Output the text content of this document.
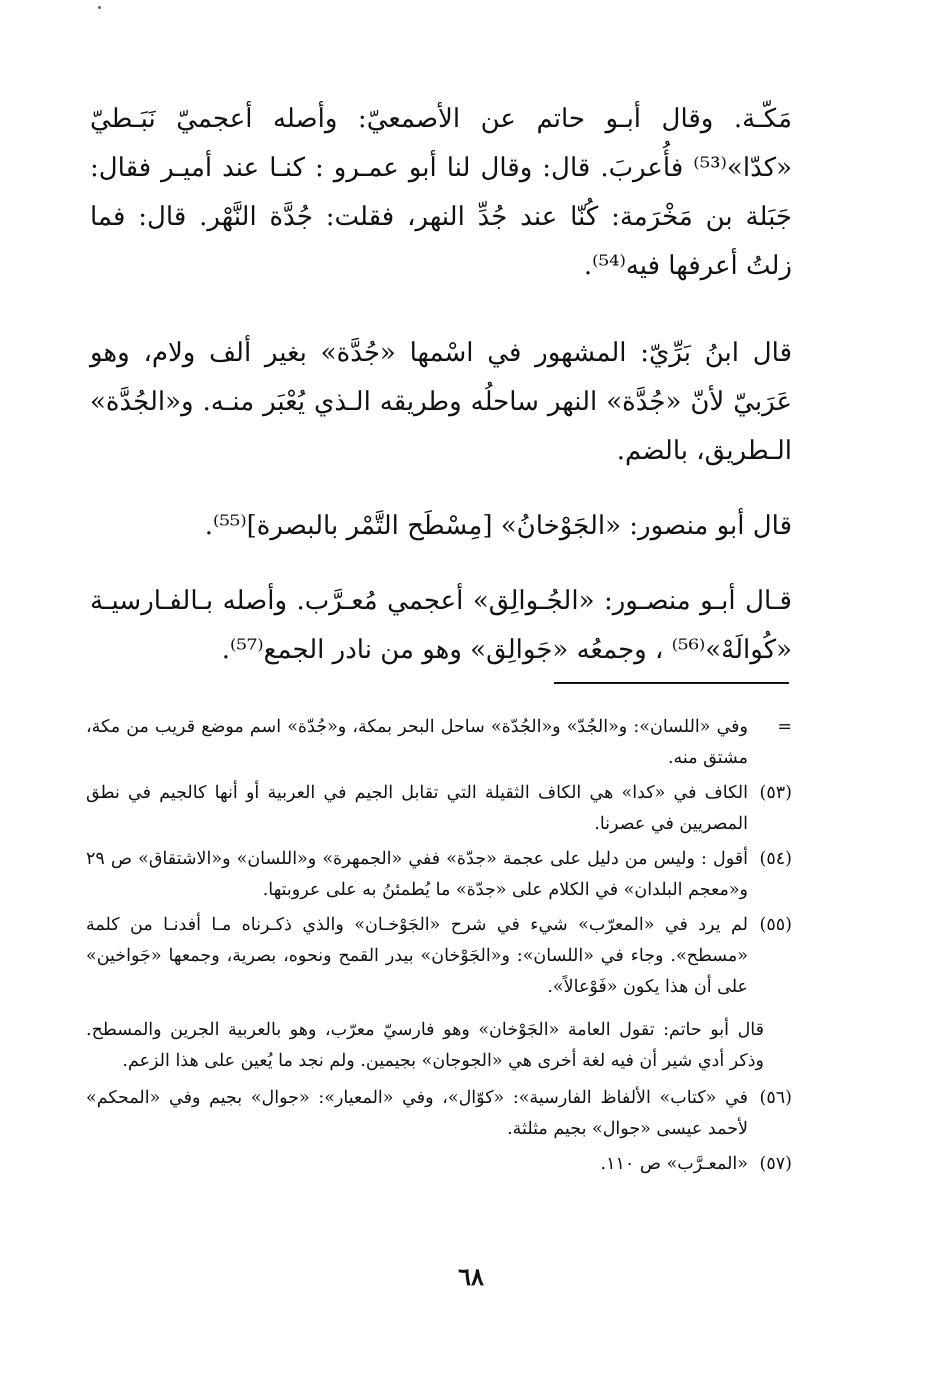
مَكّـة. وقال أبـو حاتم عن الأصمعيّ: وأصله أعجميّ نَبَـطيّ «كدّا»⁽⁵³⁾ فأُعربَ. قال: وقال لنا أبو عمـرو : كنـا عند أميـر فقال: جَبَلة بن مَخْرَمة: كُنّا عند جُدِّ النهر، فقلت: جُدَّة النَّهْر. قال: فما زلتُ أعرفها فيه⁽⁵⁴⁾.

قال ابنُ بَرِّيّ: المشهور في اسْمها «جُدَّة» بغير ألف ولام، وهو عَرَبيّ لأنّ «جُدَّة» النهر ساحلُه وطريقه الـذي يُعْبَر منـه. و«الجُدَّة» الـطريق، بالضم.

قال أبو منصور: «الجَوْخانُ» [مِسْطَح التَّمْر بالبصرة]⁽⁵⁵⁾.

قـال أبـو منصـور: «الجُـوالِق» أعجمي مُعـرَّب. وأصله بـالفـارسيـة «كُوالَهْ»⁽⁵⁶⁾ ، وجمعُه «جَوالِق» وهو من نادر الجمع⁽⁵⁷⁾.

=
وفي «اللسان»: و«الجُدّ» و«الجُدّة» ساحل البحر بمكة، و«جُدّة» اسم موضع قريب من مكة، مشتق منه.
(٥٣)
الكاف في «كدا» هي الكاف الثقيلة التي تقابل الجيم في العربية أو أنها كالجيم في نطق المصريين في عصرنا.
(٥٤)
أقول : وليس من دليل على عجمة «جدّة» ففي «الجمهرة» و«اللسان» و«الاشتقاق» ص ٢٩ و«معجم البلدان» في الكلام على «جدّة» ما يُطمئنُ به على عروبتها.
(٥٥)
لم يرد في «المعرّب» شيء في شرح «الجَوْخـان» والذي ذكـرناه مـا أفدنـا من كلمة «مسطح». وجاء في «اللسان»: و«الجَوْخان» بيدر القمح ونحوه، بصرية، وجمعها «جَواخين» على أن هذا يكون «فَوْعالاً».

قال أبو حاتم: تقول العامة «الجَوْخان» وهو فارسيّ معرّب، وهو بالعربية الجرين والمسطح. وذكر أدي شير أن فيه لغة أخرى هي «الجوجان» بجيمين. ولم نجد ما يُعين على هذا الزعم.

(٥٦)
في «كتاب» الألفاظ الفارسية»: «كوّال»، وفي «المعيار»: «جوال» بجيم وفي «المحكم» لأحمد عيسى «جوال» بجيم مثلثة.
(٥٧)
«المعـرَّب» ص ١١٠.
٦٨
